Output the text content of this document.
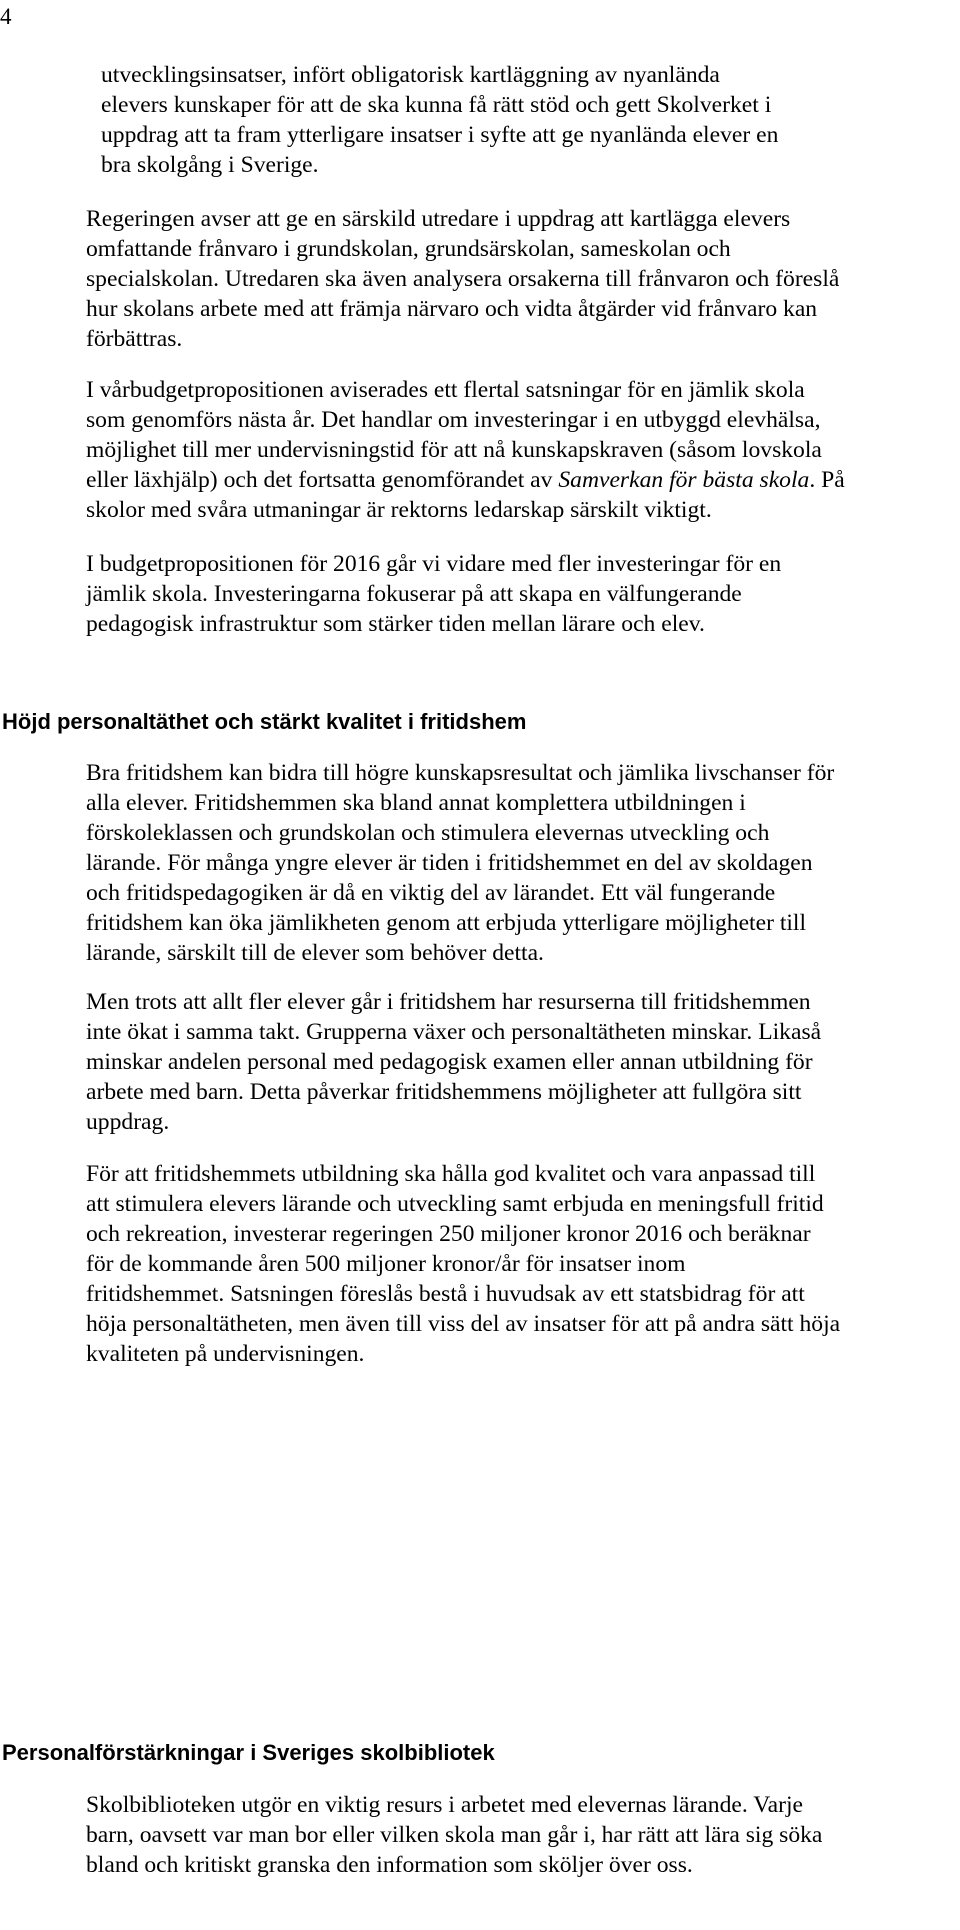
4
utvecklingsinsatser, infört obligatorisk kartläggning av nyanlända
elevers kunskaper för att de ska kunna få rätt stöd och gett Skolverket i
uppdrag att ta fram ytterligare insatser i syfte att ge nyanlända elever en
bra skolgång i Sverige.
Regeringen avser att ge en särskild utredare i uppdrag att kartlägga elevers
omfattande frånvaro i grundskolan, grundsärskolan, sameskolan och
specialskolan. Utredaren ska även analysera orsakerna till frånvaron och föreslå
hur skolans arbete med att främja närvaro och vidta åtgärder vid frånvaro kan
förbättras.
I vårbudgetpropositionen aviserades ett flertal satsningar för en jämlik skola
som genomförs nästa år. Det handlar om investeringar i en utbyggd elevhälsa,
möjlighet till mer undervisningstid för att nå kunskapskraven (såsom lovskola
eller läxhjälp) och det fortsatta genomförandet av Samverkan för bästa skola. På
skolor med svåra utmaningar är rektorns ledarskap särskilt viktigt.
I budgetpropositionen för 2016 går vi vidare med fler investeringar för en
jämlik skola. Investeringarna fokuserar på att skapa en välfungerande
pedagogisk infrastruktur som stärker tiden mellan lärare och elev.
Höjd personaltäthet och stärkt kvalitet i fritidshem
Bra fritidshem kan bidra till högre kunskapsresultat och jämlika livschanser för
alla elever. Fritidshemmen ska bland annat komplettera utbildningen i
förskoleklassen och grundskolan och stimulera elevernas utveckling och
lärande. För många yngre elever är tiden i fritidshemmet en del av skoldagen
och fritidspedagogiken är då en viktig del av lärandet. Ett väl fungerande
fritidshem kan öka jämlikheten genom att erbjuda ytterligare möjligheter till
lärande, särskilt till de elever som behöver detta.
Men trots att allt fler elever går i fritidshem har resurserna till fritidshemmen
inte ökat i samma takt. Grupperna växer och personaltätheten minskar. Likaså
minskar andelen personal med pedagogisk examen eller annan utbildning för
arbete med barn. Detta påverkar fritidshemmens möjligheter att fullgöra sitt
uppdrag.
För att fritidshemmets utbildning ska hålla god kvalitet och vara anpassad till
att stimulera elevers lärande och utveckling samt erbjuda en meningsfull fritid
och rekreation, investerar regeringen 250 miljoner kronor 2016 och beräknar
för de kommande åren 500 miljoner kronor/år för insatser inom
fritidshemmet. Satsningen föreslås bestå i huvudsak av ett statsbidrag för att
höja personaltätheten, men även till viss del av insatser för att på andra sätt höja
kvaliteten på undervisningen.
Personalförstärkningar i Sveriges skolbibliotek
Skolbiblioteken utgör en viktig resurs i arbetet med elevernas lärande. Varje
barn, oavsett var man bor eller vilken skola man går i, har rätt att lära sig söka
bland och kritiskt granska den information som sköljer över oss.
